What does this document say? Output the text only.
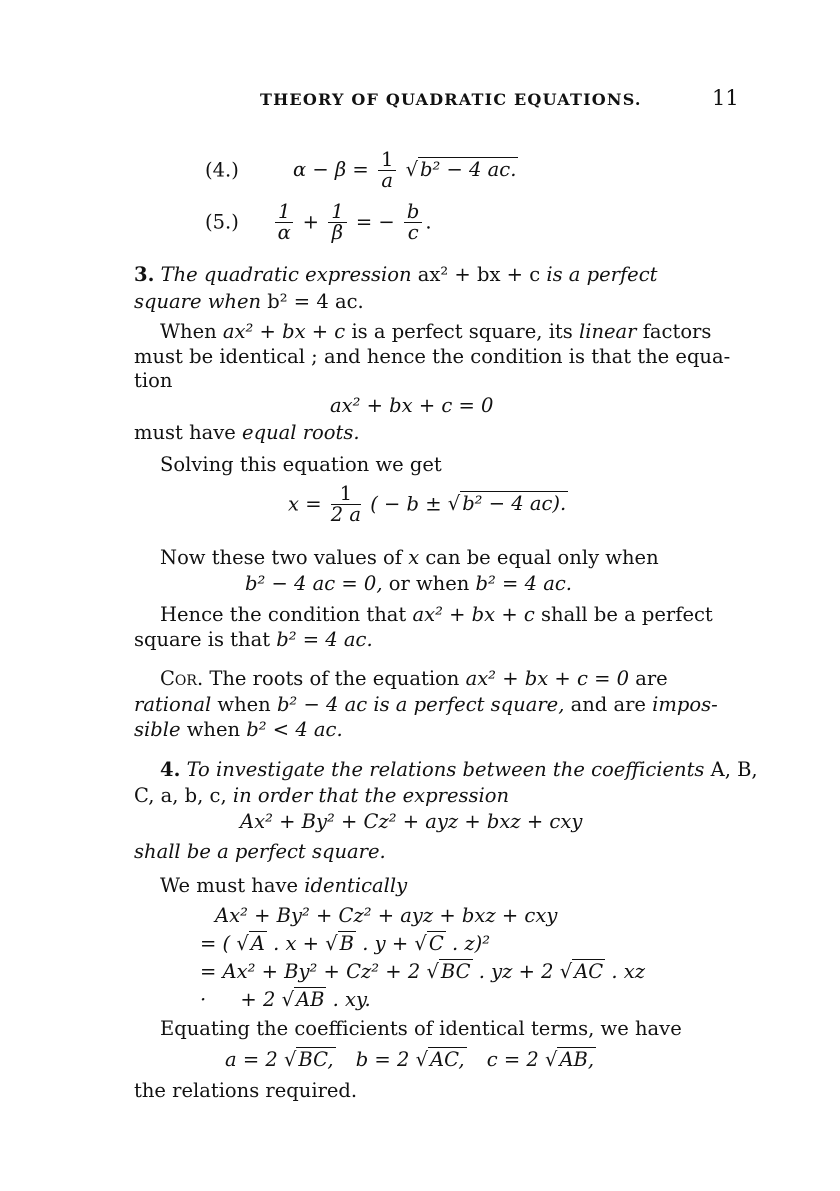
THEORY OF QUADRATIC EQUATIONS.	11
(4.)	$\alpha - \beta = \frac{1}{a}$ √ b² − 4 ac.
$(5.) \frac{1}{\alpha} + \frac{1}{\beta}$ = − $\frac{b}{c}$ .
3. The quadratic expression ax² + bx + c is a perfect
square when b² = 4 ac.
When ax² + bx + c is a perfect square, its linear factors
must be identical ; and hence the condition is that the equa-
tion
ax² + bx + c = 0
must have equal roots.
Solving this equation we get
$x = \frac{1}{2 a}$ ( − b ± √ b² − 4 ac).
Now these two values of x can be equal only when
b² − 4 ac = 0, or when b² = 4 ac.
Hence the condition that ax² + bx + c shall be a perfect
square is that b² = 4 ac.
Cor. The roots of the equation ax² + bx + c = 0 are
rational when b² − 4 ac is a perfect square, and are impos-
sible when b² < 4 ac.
4. To investigate the relations between the coefficients A, B,
C, a, b, c, in order that the expression
Ax² + By² + Cz² + ayz + bxz + cxy
shall be a perfect square.
We must have identically
Ax² + By² + Cz² + ayz + bxz + cxy
= ( √ A . x + √ B . y + √ C . z)²
= Ax² + By² + Cz² + 2 √ BC . yz + 2 √ AC . xz
· + 2 √ AB . xy.
Equating the coefficients of identical terms, we have
a = 2 √ BC, b = 2 √ AC, c = 2 √ AB,
the relations required.
